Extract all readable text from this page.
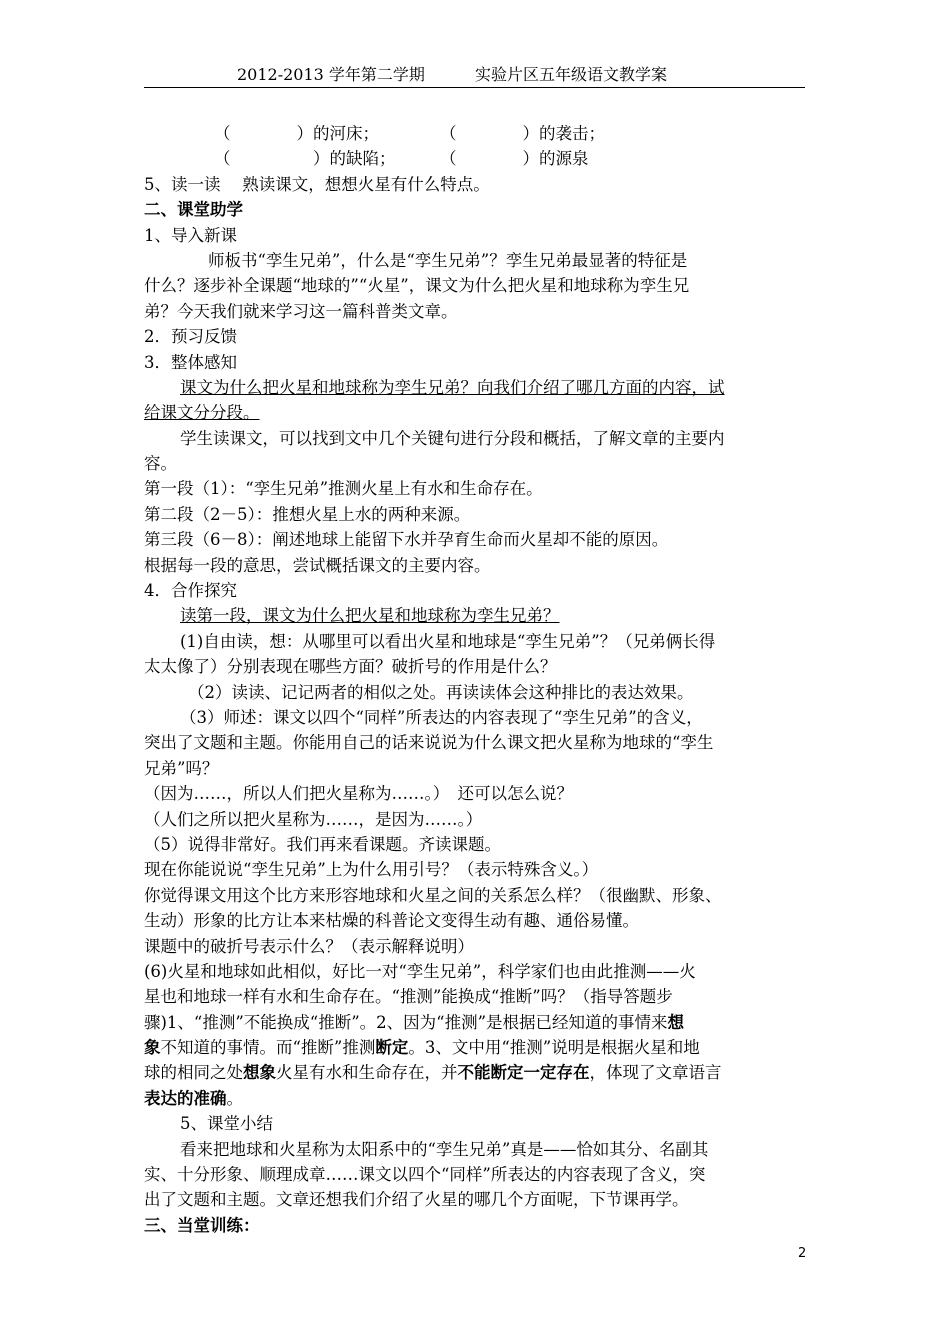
2012-2013 学年第二学期	实验片区五年级语文教学案
（　　　　）的河床；	（　　　　）的袭击；
（　　　　　）的缺陷；	（　　　　）的源泉
5、读一读　 熟读课文，想想火星有什么特点。
二、课堂助学
1、导入新课
师板书“孪生兄弟”，什么是“孪生兄弟”？孪生兄弟最显著的特征是
什么？逐步补全课题“地球的”“火星”，课文为什么把火星和地球称为孪生兄
弟？今天我们就来学习这一篇科普类文章。
2．预习反馈
3．整体感知
课文为什么把火星和地球称为孪生兄弟？向我们介绍了哪几方面的内容，试
给课文分分段。
学生读课文，可以找到文中几个关键句进行分段和概括，了解文章的主要内
容。
第一段（1）：“孪生兄弟”推测火星上有水和生命存在。
第二段（2－5）：推想火星上水的两种来源。
第三段（6－8）：阐述地球上能留下水并孕育生命而火星却不能的原因。
根据每一段的意思，尝试概括课文的主要内容。
4．合作探究
读第一段，课文为什么把火星和地球称为孪生兄弟？
(1)自由读，想：从哪里可以看出火星和地球是“孪生兄弟”？（兄弟俩长得
太太像了）分别表现在哪些方面？破折号的作用是什么？
（2）读读、记记两者的相似之处。再读读体会这种排比的表达效果。
（3）师述：课文以四个“同样”所表达的内容表现了“孪生兄弟”的含义，
突出了文题和主题。你能用自己的话来说说为什么课文把火星称为地球的“孪生
兄弟”吗？
（因为……，所以人们把火星称为……。）　还可以怎么说？
（人们之所以把火星称为……，是因为……。）
（5）说得非常好。我们再来看课题。齐读课题。
现在你能说说“孪生兄弟”上为什么用引号？（表示特殊含义。）
你觉得课文用这个比方来形容地球和火星之间的关系怎么样？（很幽默、形象、
生动）形象的比方让本来枯燥的科普论文变得生动有趣、通俗易懂。
课题中的破折号表示什么？（表示解释说明）
(6)火星和地球如此相似，好比一对“孪生兄弟”，科学家们也由此推测——火
星也和地球一样有水和生命存在。“推测”能换成“推断”吗？（指导答题步
骤)1、“推测”不能换成“推断”。2、因为“推测”是根据已经知道的事情来想
象不知道的事情。而“推断”推测断定。3、文中用“推测”说明是根据火星和地
球的相同之处想象火星有水和生命存在，并不能断定一定存在，体现了文章语言
表达的准确。
5、课堂小结
看来把地球和火星称为太阳系中的“孪生兄弟”真是——恰如其分、名副其
实、十分形象、顺理成章……课文以四个“同样”所表达的内容表现了含义，突
出了文题和主题。文章还想我们介绍了火星的哪几个方面呢，下节课再学。
三、当堂训练：
2
